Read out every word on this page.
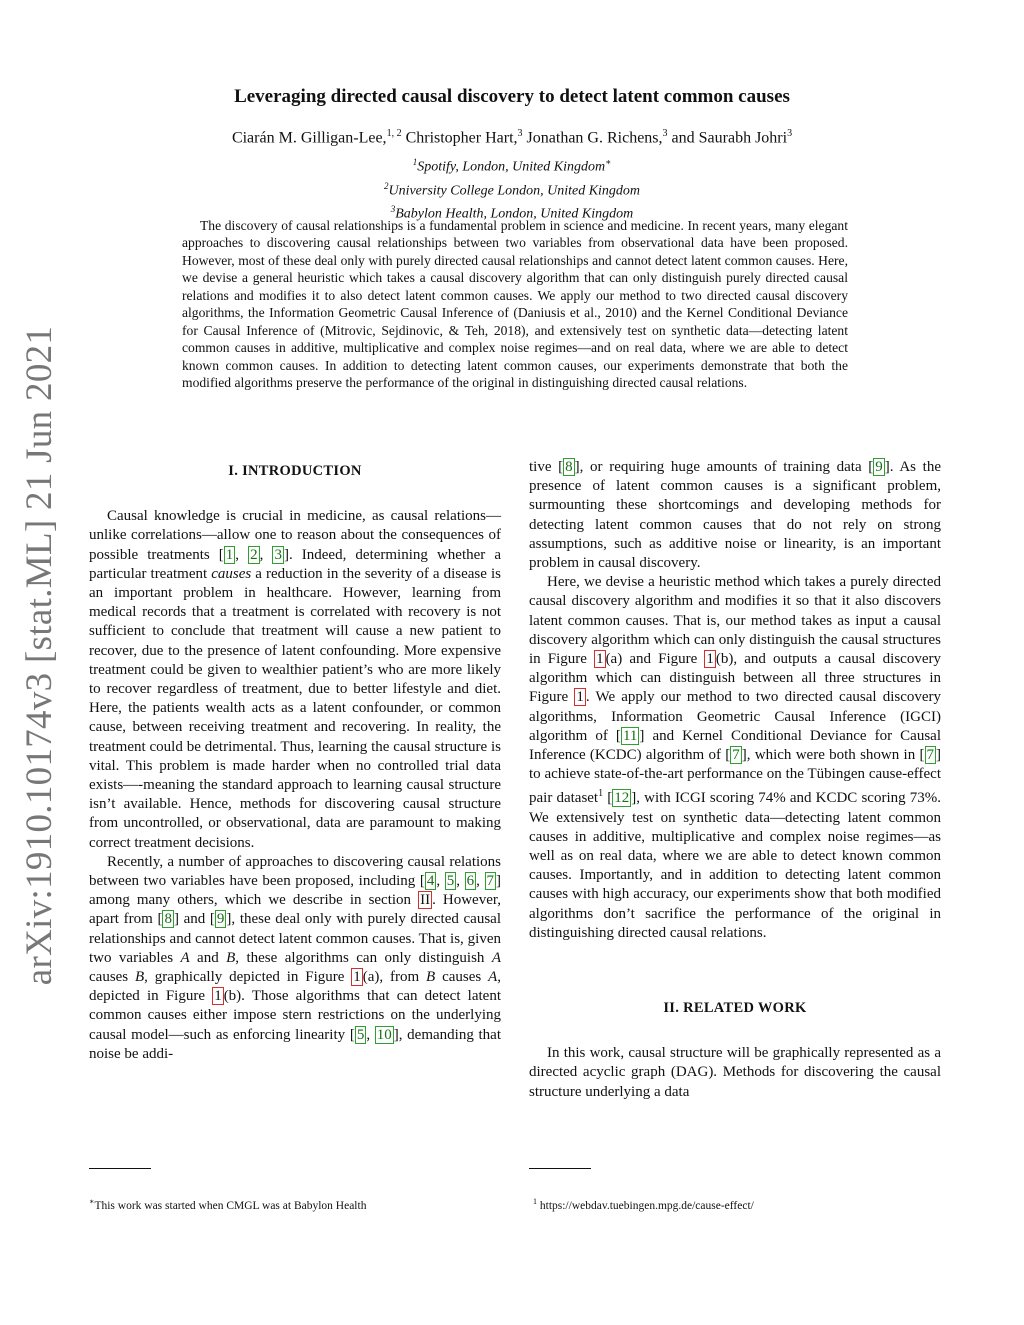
arXiv:1910.10174v3 [stat.ML] 21 Jun 2021
Leveraging directed causal discovery to detect latent common causes
Ciarán M. Gilligan-Lee,$^{1, 2}$ Christopher Hart,$^3$ Jonathan G. Richens,$^3$ and Saurabh Johri$^3$
$^1$Spotify, London, United Kingdom∗
$^2$University College London, United Kingdom
$^3$Babylon Health, London, United Kingdom
The discovery of causal relationships is a fundamental problem in science and medicine. In recent years, many elegant approaches to discovering causal relationships between two variables from observational data have been proposed. However, most of these deal only with purely directed causal relationships and cannot detect latent common causes. Here, we devise a general heuristic which takes a causal discovery algorithm that can only distinguish purely directed causal relations and modifies it to also detect latent common causes. We apply our method to two directed causal discovery algorithms, the Information Geometric Causal Inference of (Daniusis et al., 2010) and the Kernel Conditional Deviance for Causal Inference of (Mitrovic, Sejdinovic, & Teh, 2018), and extensively test on synthetic data—detecting latent common causes in additive, multiplicative and complex noise regimes—and on real data, where we are able to detect known common causes. In addition to detecting latent common causes, our experiments demonstrate that both the modified algorithms preserve the performance of the original in distinguishing directed causal relations.
I. INTRODUCTION

Causal knowledge is crucial in medicine, as causal relations—unlike correlations—allow one to reason about the consequences of possible treatments [ 1 , 2 , 3 ]. Indeed, determining whether a particular treatment causes a reduction in the severity of a disease is an important problem in healthcare. However, learning from medical records that a treatment is correlated with recovery is not sufficient to conclude that treatment will cause a new patient to recover, due to the presence of latent confounding. More expensive treatment could be given to wealthier patient’s who are more likely to recover regardless of treatment, due to better lifestyle and diet. Here, the patients wealth acts as a latent confounder, or common cause, between receiving treatment and recovering. In reality, the treatment could be detrimental. Thus, learning the causal structure is vital. This problem is made harder when no controlled trial data exists—-meaning the standard approach to learning causal structure isn’t available. Hence, methods for discovering causal structure from uncontrolled, or observational, data are paramount to making correct treatment decisions.

Recently, a number of approaches to discovering causal relations between two variables have been proposed, including [ 4 , 5 , 6 , 7 ] among many others, which we describe in section II . However, apart from [ 8 ] and [ 9 ], these deal only with purely directed causal relationships and cannot detect latent common causes. That is, given two variables A and B, these algorithms can only distinguish A causes B, graphically depicted in Figure 1 (a), from B causes A, depicted in Figure 1 (b). Those algorithms that can detect latent common causes either impose stern restrictions on the underlying causal model—such as enforcing linearity [ 5 , 10 ], demanding that noise be addi-

tive [ 8 ], or requiring huge amounts of training data [ 9 ]. As the presence of latent common causes is a significant problem, surmounting these shortcomings and developing methods for detecting latent common causes that do not rely on strong assumptions, such as additive noise or linearity, is an important problem in causal discovery.

Here, we devise a heuristic method which takes a purely directed causal discovery algorithm and modifies it so that it also discovers latent common causes. That is, our method takes as input a causal discovery algorithm which can only distinguish the causal structures in Figure 1 (a) and Figure 1 (b), and outputs a causal discovery algorithm which can distinguish between all three structures in Figure 1 . We apply our method to two directed causal discovery algorithms, Information Geometric Causal Inference (IGCI) algorithm of [ 11 ] and Kernel Conditional Deviance for Causal Inference (KCDC) algorithm of [ 7 ], which were both shown in [ 7 ] to achieve state-of-the-art performance on the Tübingen cause-effect pair dataset$^1$ [ 12 ], with ICGI scoring 74% and KCDC scoring 73%. We extensively test on synthetic data—detecting latent common causes in additive, multiplicative and complex noise regimes—as well as on real data, where we are able to detect known common causes. Importantly, and in addition to detecting latent common causes with high accuracy, our experiments show that both modified algorithms don’t sacrifice the performance of the original in distinguishing directed causal relations.

II. RELATED WORK

In this work, causal structure will be graphically represented as a directed acyclic graph (DAG). Methods for discovering the causal structure underlying a data

∗This work was started when CMGL was at Babylon Health	$^1$ https://webdav.tuebingen.mpg.de/cause-effect/
